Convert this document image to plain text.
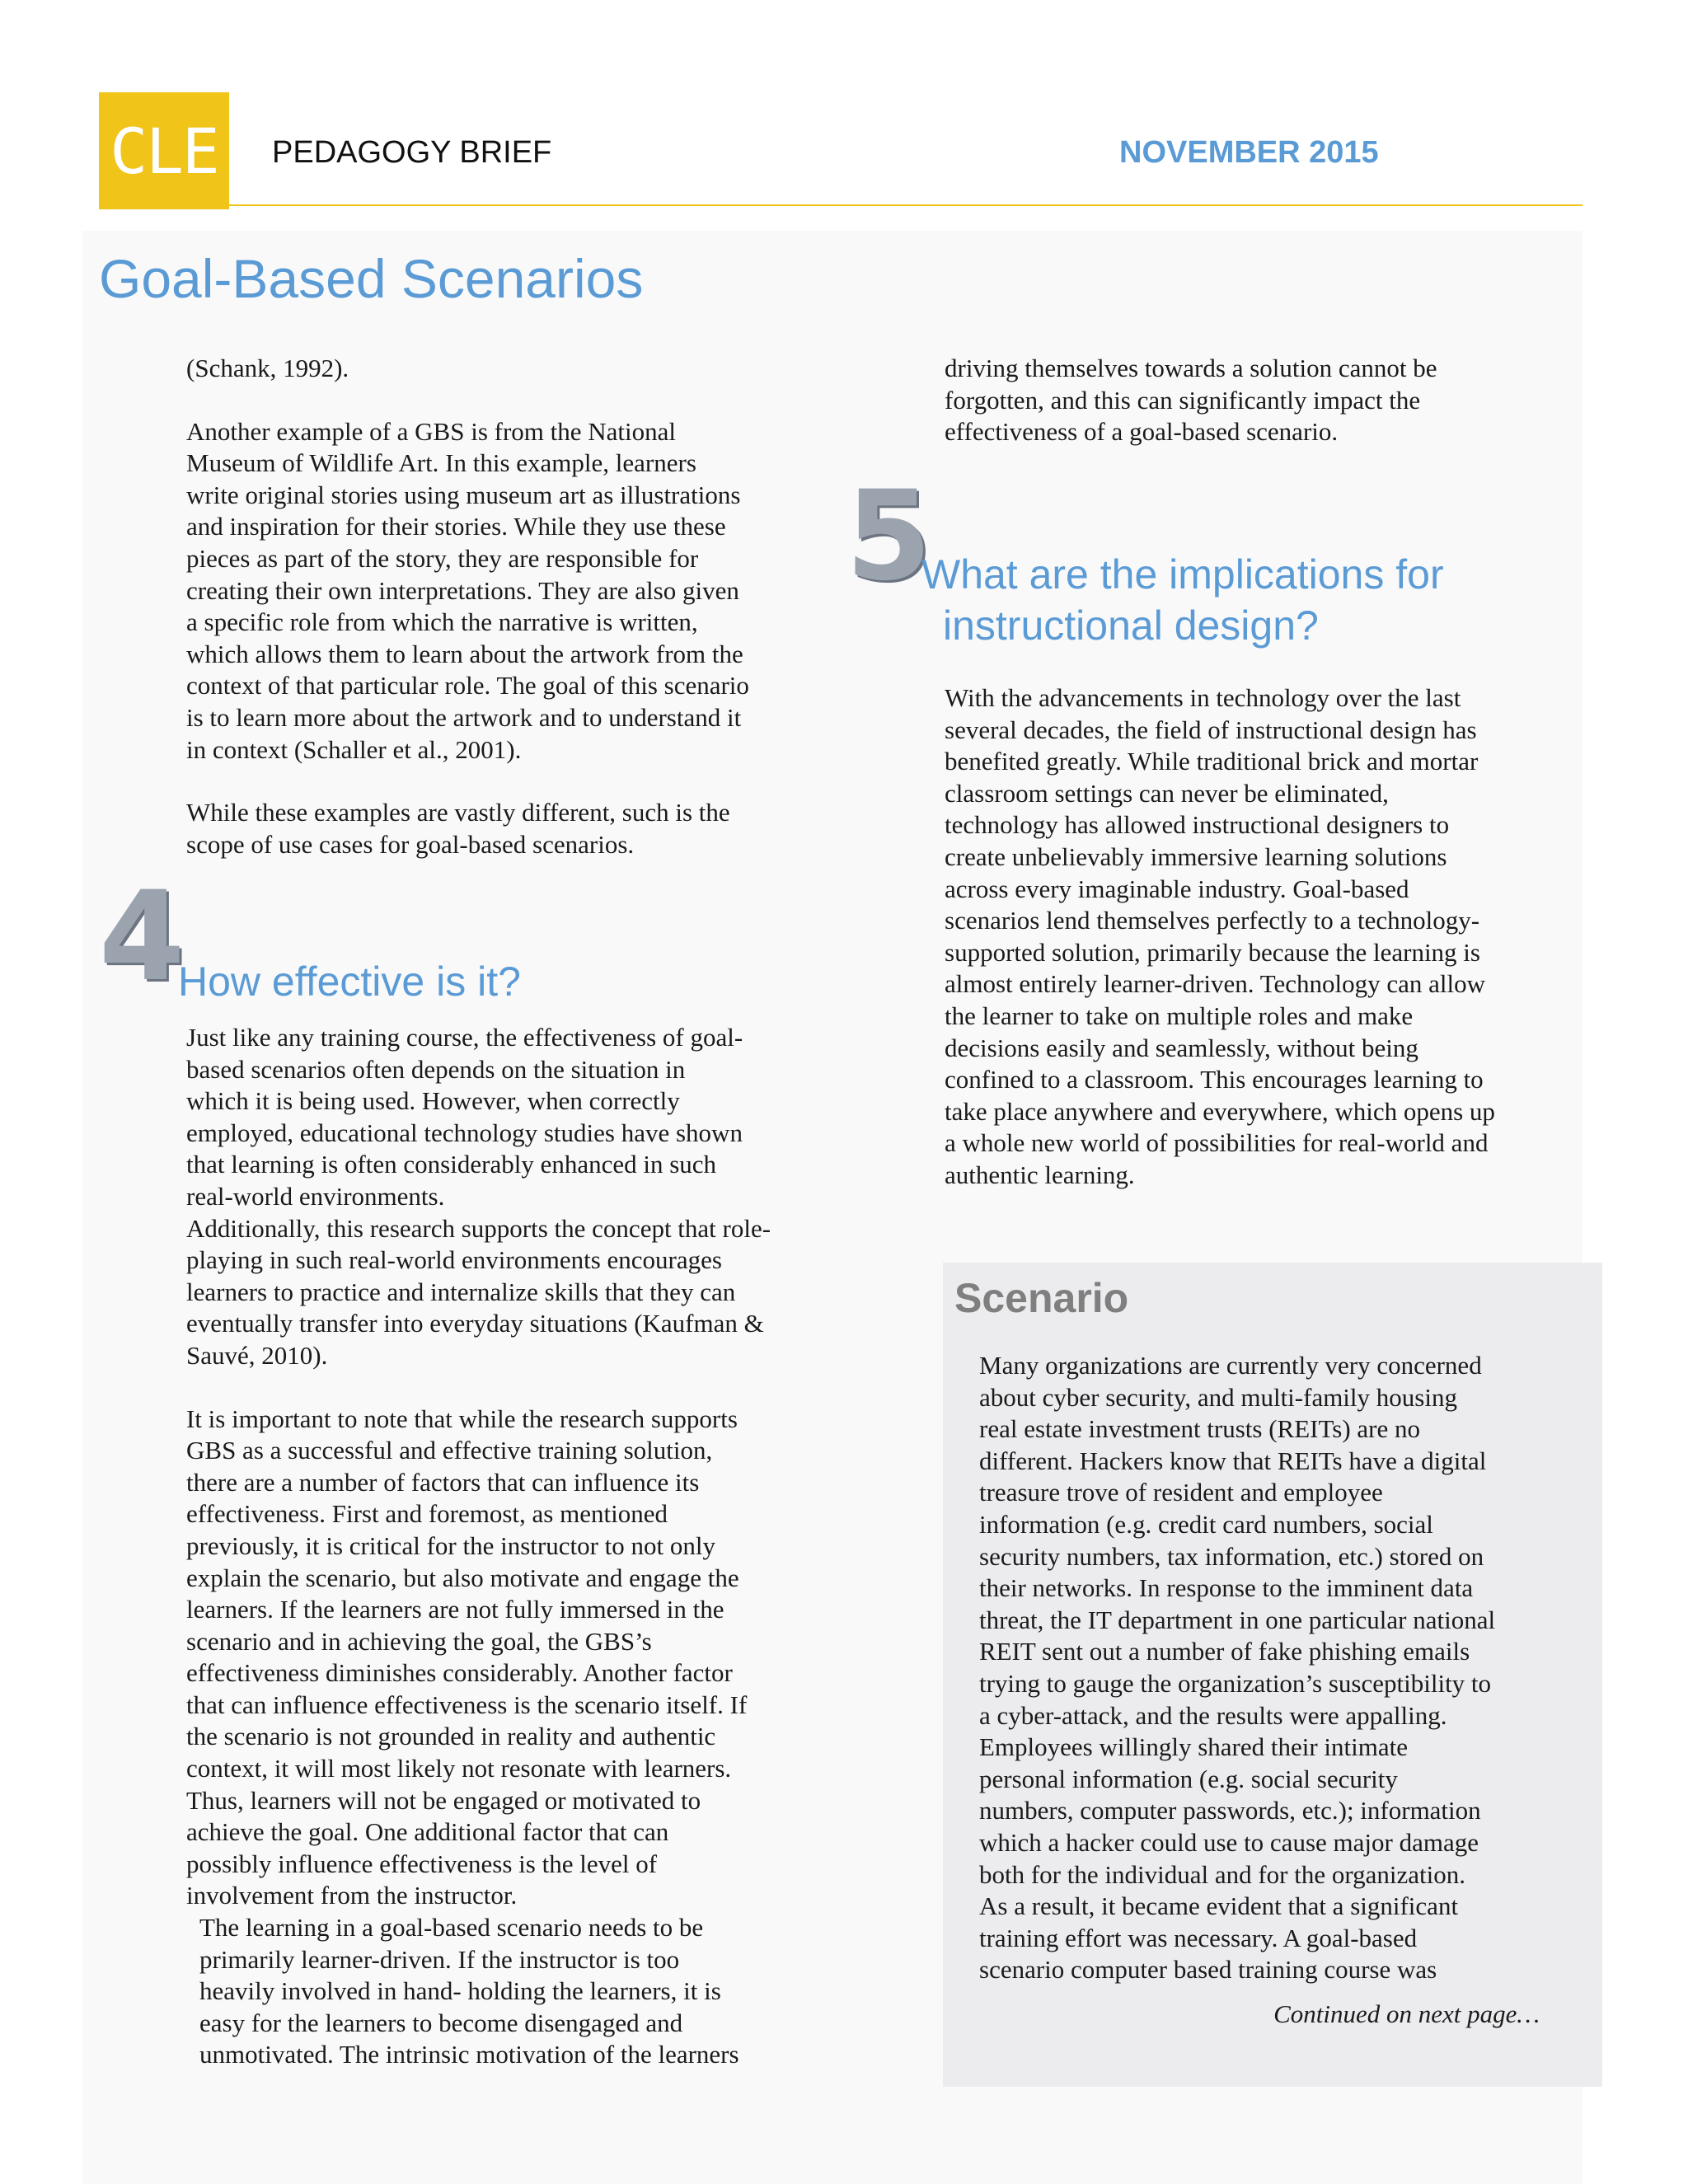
CLE PEDAGOGY BRIEF	NOVEMBER 2015
Goal-Based Scenarios

(Schank, 1992).

Another example of a GBS is from the National
Museum of Wildlife Art. In this example, learners
write original stories using museum art as illustrations
and inspiration for their stories. While they use these
pieces as part of the story, they are responsible for
creating their own interpretations. They are also given
a specific role from which the narrative is written,
which allows them to learn about the artwork from the
context of that particular role. The goal of this scenario
is to learn more about the artwork and to understand it
in context (Schaller et al., 2001).

While these examples are vastly different, such is the
scope of use cases for goal-based scenarios.

4
How effective is it?

Just like any training course, the effectiveness of goal-
based scenarios often depends on the situation in
which it is being used. However, when correctly
employed, educational technology studies have shown
that learning is often considerably enhanced in such
real-world environments.
Additionally, this research supports the concept that role-
playing in such real-world environments encourages
learners to practice and internalize skills that they can
eventually transfer into everyday situations (Kaufman &
Sauvé, 2010).

It is important to note that while the research supports
GBS as a successful and effective training solution,
there are a number of factors that can influence its
effectiveness. First and foremost, as mentioned
previously, it is critical for the instructor to not only
explain the scenario, but also motivate and engage the
learners. If the learners are not fully immersed in the
scenario and in achieving the goal, the GBS’s
effectiveness diminishes considerably. Another factor
that can influence effectiveness is the scenario itself. If
the scenario is not grounded in reality and authentic
context, it will most likely not resonate with learners.
Thus, learners will not be engaged or motivated to
achieve the goal. One additional factor that can
possibly influence effectiveness is the level of
involvement from the instructor.

The learning in a goal-based scenario needs to be
primarily learner-driven. If the instructor is too
heavily involved in hand- holding the learners, it is
easy for the learners to become disengaged and
unmotivated. The intrinsic motivation of the learners

driving themselves towards a solution cannot be
forgotten, and this can significantly impact the
effectiveness of a goal-based scenario.

5
What are the implications for
instructional design?

With the advancements in technology over the last
several decades, the field of instructional design has
benefited greatly. While traditional brick and mortar
classroom settings can never be eliminated,
technology has allowed instructional designers to
create unbelievably immersive learning solutions
across every imaginable industry. Goal-based
scenarios lend themselves perfectly to a technology-
supported solution, primarily because the learning is
almost entirely learner-driven. Technology can allow
the learner to take on multiple roles and make
decisions easily and seamlessly, without being
confined to a classroom. This encourages learning to
take place anywhere and everywhere, which opens up
a whole new world of possibilities for real-world and
authentic learning.

Scenario

Many organizations are currently very concerned
about cyber security, and multi-family housing
real estate investment trusts (REITs) are no
different. Hackers know that REITs have a digital
treasure trove of resident and employee
information (e.g. credit card numbers, social
security numbers, tax information, etc.) stored on
their networks. In response to the imminent data
threat, the IT department in one particular national
REIT sent out a number of fake phishing emails
trying to gauge the organization’s susceptibility to
a cyber-attack, and the results were appalling.
Employees willingly shared their intimate
personal information (e.g. social security
numbers, computer passwords, etc.); information
which a hacker could use to cause major damage
both for the individual and for the organization.
As a result, it became evident that a significant
training effort was necessary. A goal-based
scenario computer based training course was

Continued on next page…
